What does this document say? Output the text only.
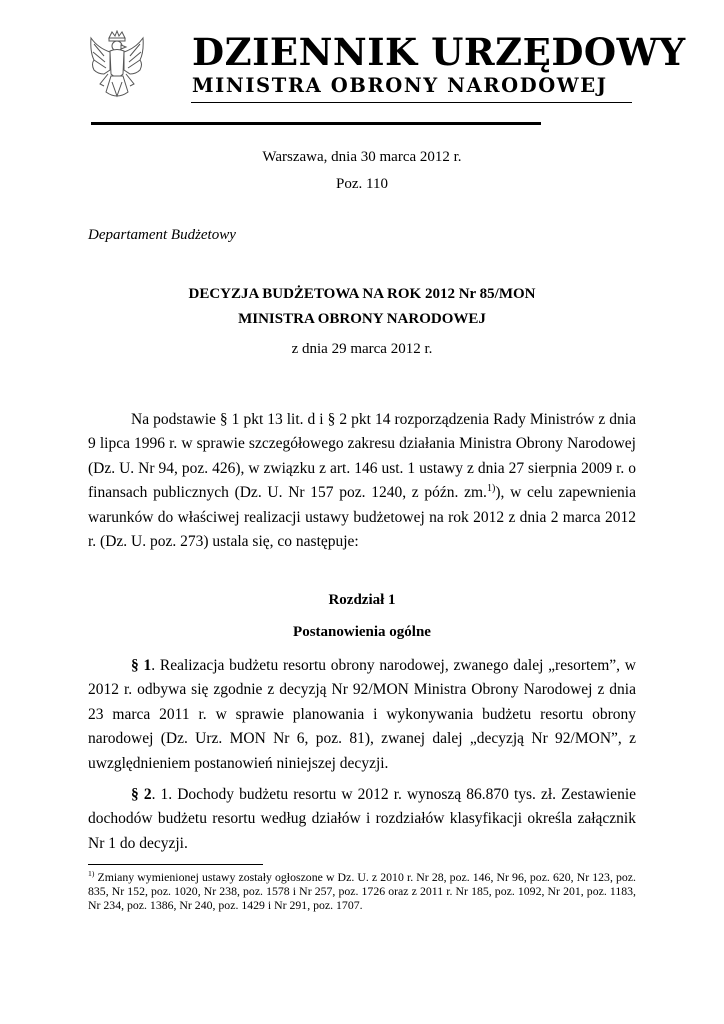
DZIENNIK URZĘDOWY
MINISTRA OBRONY NARODOWEJ
Warszawa, dnia 30 marca 2012 r.
Poz. 110
Departament Budżetowy
DECYZJA BUDŻETOWA NA ROK 2012 Nr 85/MON
MINISTRA OBRONY NARODOWEJ
z dnia 29 marca 2012 r.

Na podstawie § 1 pkt 13 lit. d i § 2 pkt 14 rozporządzenia Rady Ministrów z dnia 9 lipca 1996 r. w sprawie szczegółowego zakresu działania Ministra Obrony Narodowej (Dz. U. Nr 94, poz. 426), w związku z art. 146 ust. 1 ustawy z dnia 27 sierpnia 2009 r. o finansach publicznych (Dz. U. Nr 157 poz. 1240, z późn. zm.$^{1)}$), w celu zapewnienia warunków do właściwej realizacji ustawy budżetowej na rok 2012 z dnia 2 marca 2012 r. (Dz. U. poz. 273) ustala się, co następuje:

Rozdział 1
Postanowienia ogólne

§ 1. Realizacja budżetu resortu obrony narodowej, zwanego dalej „resortem”, w 2012 r. odbywa się zgodnie z decyzją Nr 92/MON Ministra Obrony Narodowej z dnia 23 marca 2011 r. w sprawie planowania i wykonywania budżetu resortu obrony narodowej (Dz. Urz. MON Nr 6, poz. 81), zwanej dalej „decyzją Nr 92/MON”, z uwzględnieniem postanowień niniejszej decyzji.

§ 2. 1. Dochody budżetu resortu w 2012 r. wynoszą 86.870 tys. zł. Zestawienie dochodów budżetu resortu według działów i rozdziałów klasyfikacji określa załącznik Nr 1 do decyzji.

$^{1)}$ Zmiany wymienionej ustawy zostały ogłoszone w Dz. U. z 2010 r. Nr 28, poz. 146, Nr 96, poz. 620, Nr 123, poz. 835, Nr 152, poz. 1020, Nr 238, poz. 1578 i Nr 257, poz. 1726 oraz z 2011 r. Nr 185, poz. 1092, Nr 201, poz. 1183, Nr 234, poz. 1386, Nr 240, poz. 1429 i Nr 291, poz. 1707.
